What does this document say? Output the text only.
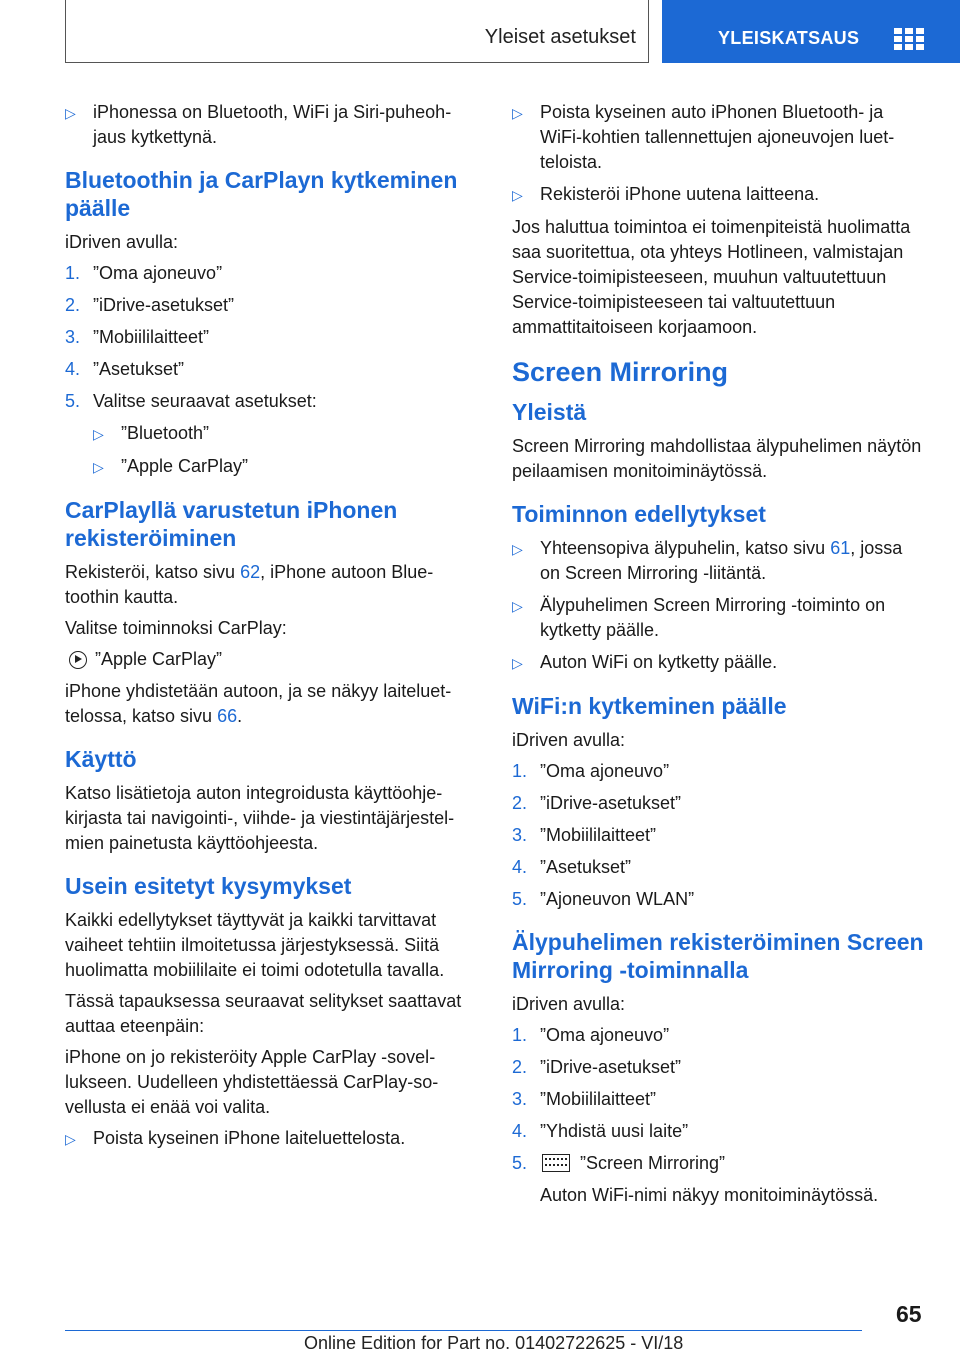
Yleiset asetukset	YLEISKATSAUS
▷ iPhonessa on Bluetooth, WiFi ja Siri-puheohjaus kytkettynä.
Bluetoothin ja CarPlayn kytkeminen päälle

iDriven avulla:

1. ”Oma ajoneuvo”
2. ”iDrive-asetukset”
3. ”Mobiililaitteet”
4. ”Asetukset”
5. Valitse seuraavat asetukset:
▷ ”Bluetooth”
▷ ”Apple CarPlay”
CarPlayllä varustetun iPhonen rekisteröiminen

Rekisteröi, katso sivu 62, iPhone autoon Bluetoothin kautta.

Valitse toiminnoksi CarPlay:

”Apple CarPlay”

iPhone yhdistetään autoon, ja se näkyy laiteluettelossa, katso sivu 66.

Käyttö

Katso lisätietoja auton integroidusta käyttöohjekirjasta tai navigointi-, viihde- ja viestintäjärjestelmien painetusta käyttöohjeesta.

Usein esitetyt kysymykset

Kaikki edellytykset täyttyvät ja kaikki tarvittavat vaiheet tehtiin ilmoitetussa järjestyksessä. Siitä huolimatta mobiililaite ei toimi odotetulla tavalla.

Tässä tapauksessa seuraavat selitykset saattavat auttaa eteenpäin:

iPhone on jo rekisteröity Apple CarPlay -sovellukseen. Uudelleen yhdistettäessä CarPlay-sovellusta ei enää voi valita.

▷ Poista kyseinen iPhone laiteluettelosta.
▷ Poista kyseinen auto iPhonen Bluetooth- ja WiFi-kohtien tallennettujen ajoneuvojen luetteloista.
▷ Rekisteröi iPhone uutena laitteena.

Jos haluttua toimintoa ei toimenpiteistä huolimatta saa suoritettua, ota yhteys Hotlineen, valmistajan Service-toimipisteeseen, muuhun valtuutettuun Service-toimipisteeseen tai valtuutettuun ammattitaitoiseen korjaamoon.

Screen Mirroring
Yleistä

Screen Mirroring mahdollistaa älypuhelimen näytön peilaamisen monitoiminäytössä.

Toiminnon edellytykset
▷ Yhteensopiva älypuhelin, katso sivu 61, jossa on Screen Mirroring -liitäntä.
▷ Älypuhelimen Screen Mirroring -toiminto on kytketty päälle.
▷ Auton WiFi on kytketty päälle.
WiFi:n kytkeminen päälle

iDriven avulla:

1. ”Oma ajoneuvo”
2. ”iDrive-asetukset”
3. ”Mobiililaitteet”
4. ”Asetukset”
5. ”Ajoneuvon WLAN”
Älypuhelimen rekisteröiminen Screen Mirroring -toiminnalla

iDriven avulla:

1. ”Oma ajoneuvo”
2. ”iDrive-asetukset”
3. ”Mobiililaitteet”
4. ”Yhdistä uusi laite”
5.	”Screen Mirroring”

Auton WiFi-nimi näkyy monitoiminäytössä.

65
Online Edition for Part no. 01402722625 - VI/18
